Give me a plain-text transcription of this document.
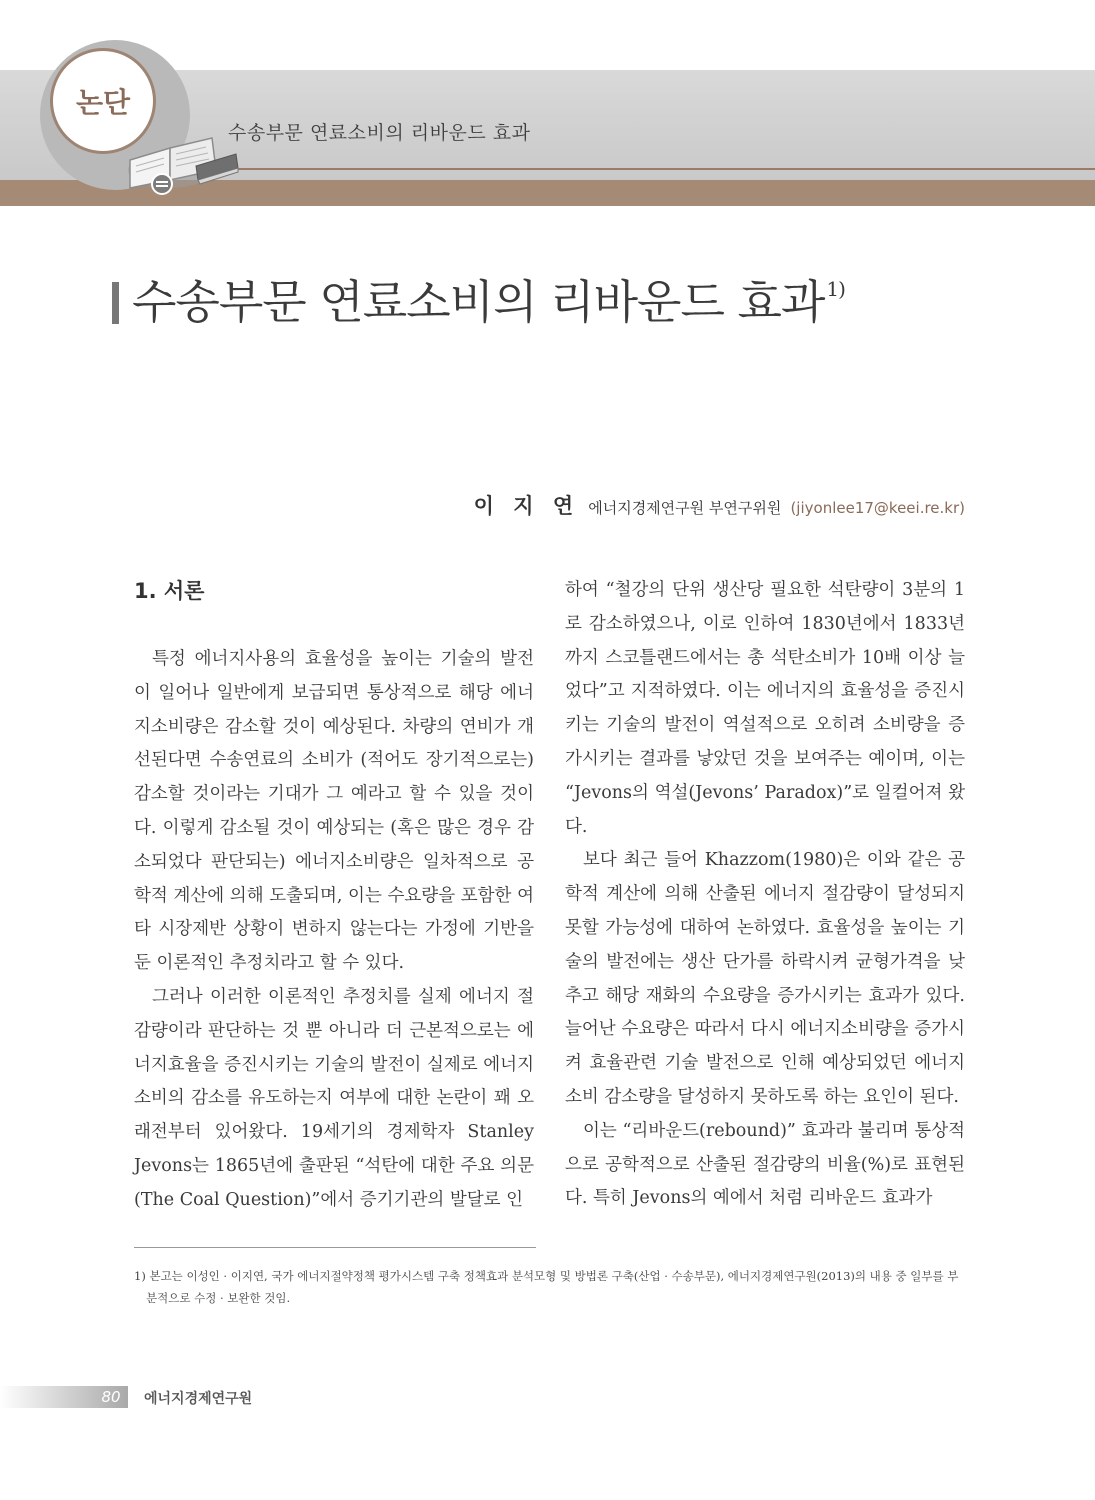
논단
수송부문 연료소비의 리바운드 효과
수송부문 연료소비의 리바운드 효과 $^{1)}$
이 지 연 에너지경제연구원 부연구위원 (jiyonlee17@keei.re.kr)
1. 서론

특정 에너지사용의 효율성을 높이는 기술의 발전이 일어나 일반에게 보급되면 통상적으로 해당 에너지소비량은 감소할 것이 예상된다. 차량의 연비가 개선된다면 수송연료의 소비가 (적어도 장기적으로는) 감소할 것이라는 기대가 그 예라고 할 수 있을 것이다. 이렇게 감소될 것이 예상되는 (혹은 많은 경우 감소되었다 판단되는) 에너지소비량은 일차적으로 공학적 계산에 의해 도출되며, 이는 수요량을 포함한 여타 시장제반 상황이 변하지 않는다는 가정에 기반을 둔 이론적인 추정치라고 할 수 있다.

그러나 이러한 이론적인 추정치를 실제 에너지 절감량이라 판단하는 것 뿐 아니라 더 근본적으로는 에너지효율을 증진시키는 기술의 발전이 실제로 에너지소비의 감소를 유도하는지 여부에 대한 논란이 꽤 오래전부터 있어왔다. 19세기의 경제학자 Stanley Jevons는 1865년에 출판된 “석탄에 대한 주요 의문(The Coal Question)”에서 증기기관의 발달로 인

하여 “철강의 단위 생산당 필요한 석탄량이 3분의 1로 감소하였으나, 이로 인하여 1830년에서 1833년까지 스코틀랜드에서는 총 석탄소비가 10배 이상 늘었다”고 지적하였다. 이는 에너지의 효율성을 증진시키는 기술의 발전이 역설적으로 오히려 소비량을 증가시키는 결과를 낳았던 것을 보여주는 예이며, 이는 “Jevons의 역설(Jevons’ Paradox)”로 일컬어져 왔다.

보다 최근 들어 Khazzom(1980)은 이와 같은 공학적 계산에 의해 산출된 에너지 절감량이 달성되지 못할 가능성에 대하여 논하였다. 효율성을 높이는 기술의 발전에는 생산 단가를 하락시켜 균형가격을 낮추고 해당 재화의 수요량을 증가시키는 효과가 있다. 늘어난 수요량은 따라서 다시 에너지소비량을 증가시켜 효율관련 기술 발전으로 인해 예상되었던 에너지소비 감소량을 달성하지 못하도록 하는 요인이 된다.

이는 “리바운드(rebound)” 효과라 불리며 통상적으로 공학적으로 산출된 절감량의 비율(%)로 표현된다. 특히 Jevons의 예에서 처럼 리바운드 효과가

1) 본고는 이성인 · 이지연, 국가 에너지절약정책 평가시스템 구축 정책효과 분석모형 및 방법론 구축(산업 · 수송부문), 에너지경제연구원(2013)의 내용 중 일부를 부
분적으로 수정 · 보완한 것임.
80	에너지경제연구원
